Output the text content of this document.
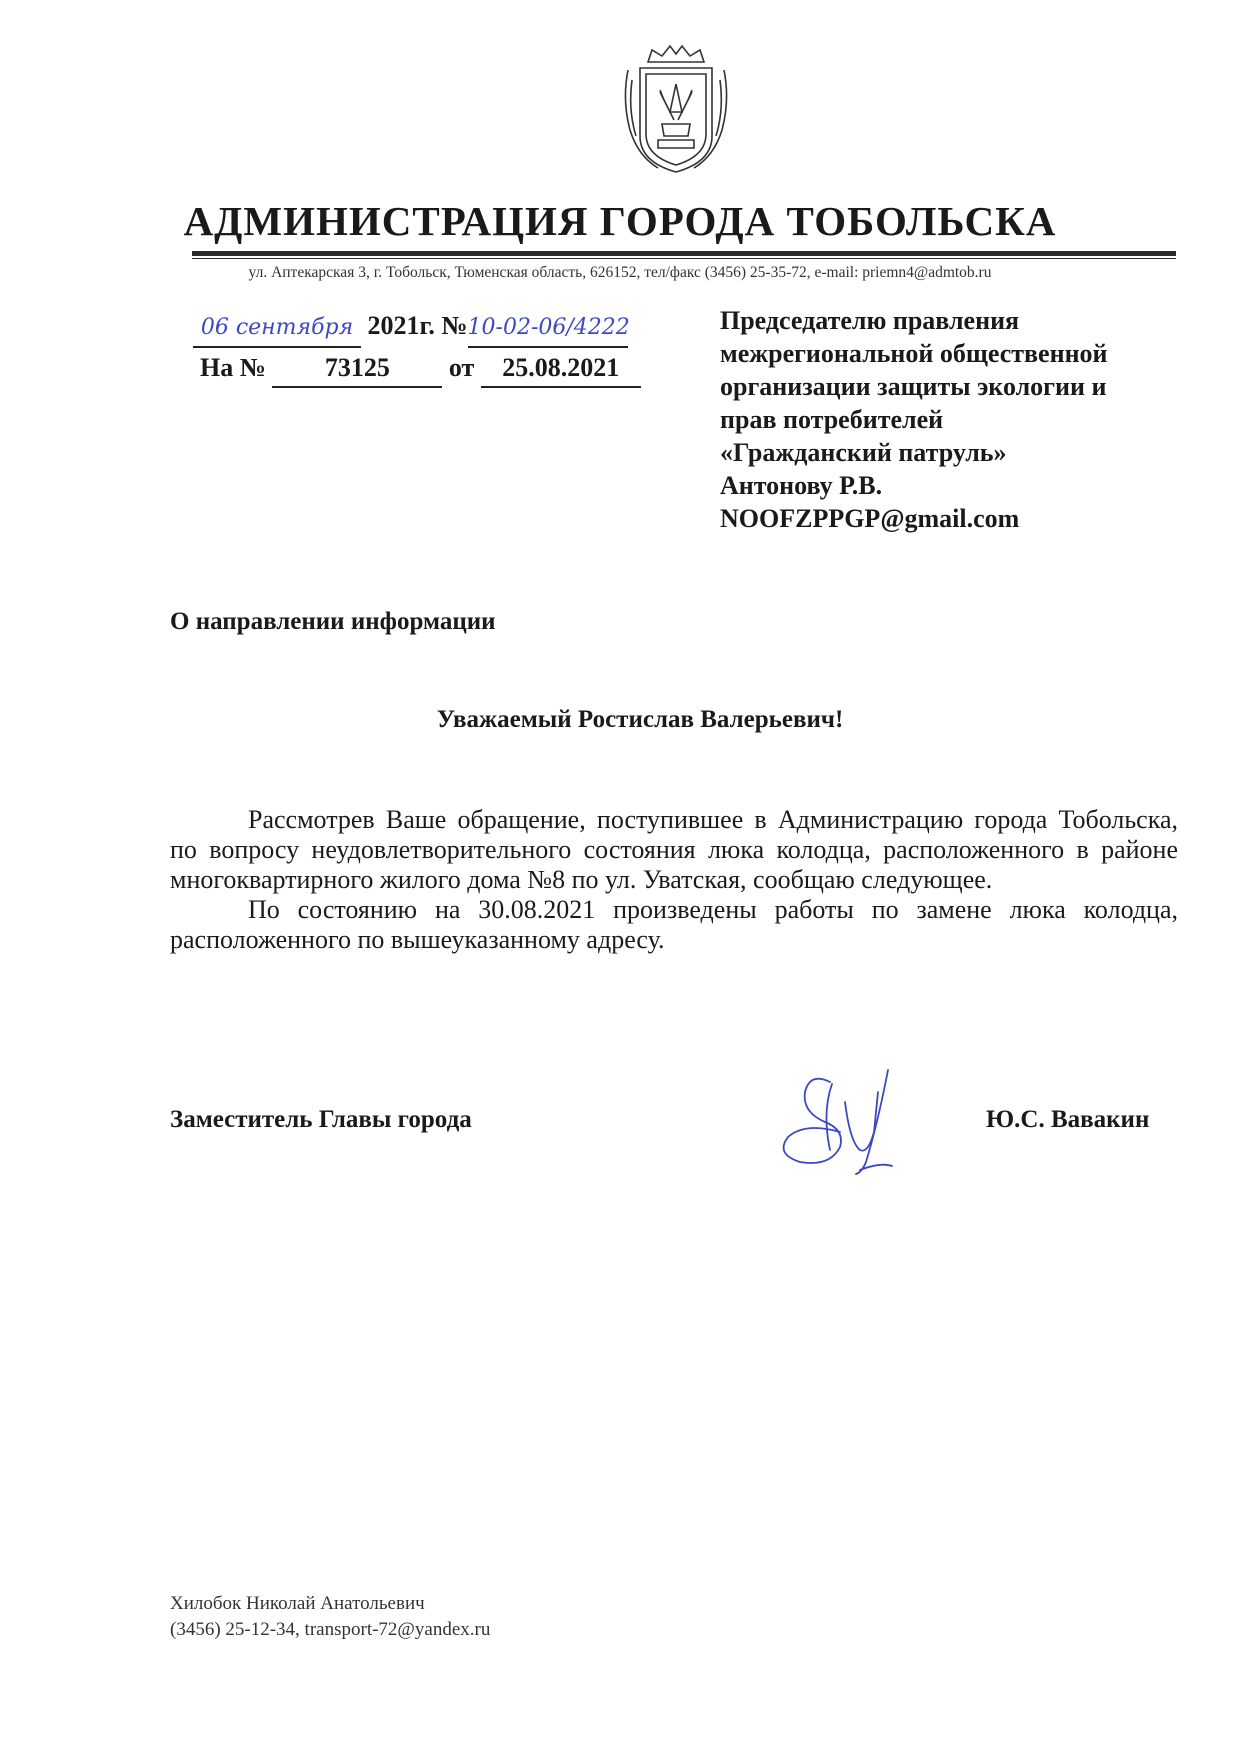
АДМИНИСТРАЦИЯ ГОРОДА ТОБОЛЬСКА
ул. Аптекарская 3, г. Тобольск, Тюменская область, 626152, тел/факс (3456) 25-35-72, e-mail: priemn4@admtob.ru
06 сентября 2021г. №10-02-06/4222
На № 73125 от 25.08.2021
Председателю правления
межрегиональной общественной
организации защиты экологии и
прав потребителей
«Гражданский патруль»
Антонову Р.В.
NOOFZPPGP@gmail.com
О направлении информации
Уважаемый Ростислав Валерьевич!

Рассмотрев Ваше обращение, поступившее в Администрацию города Тобольска, по вопросу неудовлетворительного состояния люка колодца, расположенного в районе многоквартирного жилого дома №8 по ул. Уватская, сообщаю следующее.

По состоянию на 30.08.2021 произведены работы по замене люка колодца, расположенного по вышеуказанному адресу.

Заместитель Главы города	Ю.С. Вавакин
Хилобок Николай Анатольевич
(3456) 25-12-34, transport-72@yandex.ru
